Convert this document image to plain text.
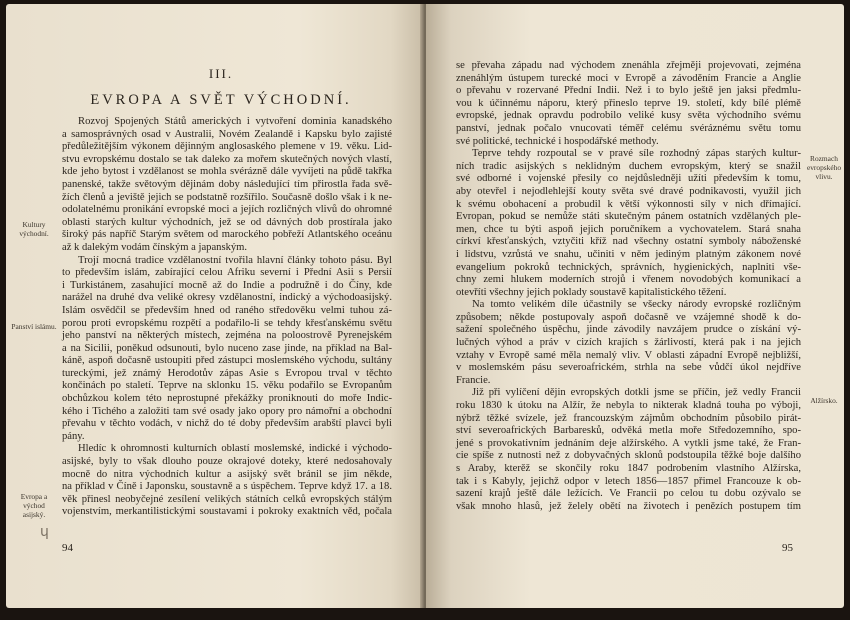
III.
EVROPA A SVĚT VÝCHODNÍ.
Rozvoj Spojených Států amerických i vytvoření dominia kanadského
a samosprávných osad v Australii, Novém Zealandě i Kapsku bylo zajisté
předůležitějším výkonem dějinným anglosaského plemene v 19. věku. Lid-
stvu evropskému dostalo se tak daleko za mořem skutečných nových vlastí,
kde jeho bytost i vzdělanost se mohla svérázně dále vyvíjeti na půdě takřka
panenské, takže světovým dějinám doby následující tím přirostla řada svě-
žích členů a jeviště jejich se podstatně rozšířilo. Současně došlo však i k ne-
odolatelnému pronikání evropské moci a jejích rozličných vlivů do ohromné
oblasti starých kultur východních, jež se od dávných dob prostírala jako
široký pás napříč Starým světem od marockého pobřeží Atlantského oceánu
až k dalekým vodám čínským a japanským.
Trojí mocná tradice vzdělanostní tvořila hlavní články tohoto pásu. Byl
to především islám, zabírající celou Afriku severní i Přední Asii s Persií
i Turkistánem, zasahující mocně až do Indie a podružně i do Číny, kde
narážel na druhé dva veliké okresy vzdělanostní, indický a východoasijský.
Islám osvědčil se především hned od raného středověku velmi tuhou zá-
porou proti evropskému rozpětí a podařilo-li se tehdy křesťanskému světu
jeho panství na některých místech, zejména na poloostrově Pyrenejském
a na Sicilii, poněkud odsunouti, bylo nuceno zase jinde, na příklad na Bal-
káně, aspoň dočasně ustoupiti před zástupci moslemského východu, sultány
tureckými, jež známý Herodotův zápas Asie s Evropou trval v těchto
končinách po staletí. Teprve na sklonku 15. věku podařilo se Evropanům
obchůzkou kolem této neprostupné překážky proniknouti do moře Indic-
kého i Tichého a založiti tam své osady jako opory pro námořní a obchodní
převahu v těchto vodách, v nichž do té doby především arabští plavci byli
pány.
Hledíc k ohromnosti kulturních oblastí moslemské, indické i východo-
asijské, byly to však dlouho pouze okrajové doteky, které nedosahovaly
mocně do nitra východních kultur a asijský svět bránil se jim někde,
na příklad v Číně i Japonsku, soustavně a s úspěchem. Teprve když 17. a 18.
věk přinesl neobyčejné zesílení velikých státních celků evropských stálým
vojenstvím, merkantilistickými soustavami i pokroky exaktních věd, počala
Kultury východní.
Panství islámu.
Evropa a východ asijský.
ɥ
94
se převaha západu nad východem znenáhla zřejměji projevovati, zejména
znenáhlým ústupem turecké moci v Evropě a závoděním Francie a Anglie
o převahu v rozervané Přední Indii. Než i to bylo ještě jen jaksi předmlu-
vou k účinnému náporu, který přineslo teprve 19. století, kdy bílé plémě
evropské, jednak opravdu podrobilo veliké kusy světa východního svému
panství, jednak počalo vnucovati téměř celému svéráznému světu tomu
své politické, technické i hospodářské methody.
Teprve tehdy rozpoutal se v pravé síle rozhodný zápas starých kultur-
ních tradic asijských s neklidným duchem evropským, který se snažil
své odborné i vojenské přesily co nejdůsledněji užíti především k tomu,
aby otevřel i nejodlehlejší kouty světa své dravé podnikavosti, využil jich
k svému obohacení a probudil k větší výkonnosti síly v nich dřímající.
Evropan, pokud se nemůže státi skutečným pánem ostatních vzdělaných ple-
men, chce tu býti aspoň jejich poručníkem a vychovatelem. Stará snaha
církví křesťanských, vztyčiti kříž nad všechny ostatní symboly náboženské
i lidstvu, vzrůstá ve snahu, učiniti v něm jediným platným zákonem nové
evangelium pokroků technických, správních, hygienických, naplniti vše-
chny zemi hlukem moderních strojů i vřenem novodobých komunikací a
otevříti všechny jejich poklady soustavě kapitalistického těžení.
Na tomto velikém díle účastnily se všecky národy evropské rozličným
způsobem; někde postupovaly aspoň dočasně ve vzájemné shodě k do-
sažení společného úspěchu, jinde závodily navzájem prudce o získání vý-
lučných výhod a práv v cizích krajích s žárlivostí, která pak i na jejich
vztahy v Evropě samé měla nemalý vliv. V oblasti západní Evropě nejbližší,
v moslemském pásu severoafrickém, strhla na sebe vůdčí úkol nejdříve
Francie.
Již při vylíčení dějin evropských dotkli jsme se příčin, jež vedly Francii
roku 1830 k útoku na Alžír, že nebyla to nikterak kladná touha po výboji,
nýbrž těžké svízele, jež francouzským zájmům obchodním působilo pirát-
ství severoafrických Barbaresků, odvěká metla moře Středozemního, spo-
jené s provokativním jednáním deje alžírského. A vytkli jsme také, že Fran-
cie spíše z nutnosti než z dobyvačných sklonů podstoupila těžké boje dalšího
s Araby, kterěž se skončily roku 1847 podrobením vlastního Alžírska,
tak i s Kabyly, jejichž odpor v letech 1856—1857 přimel Francouze k ob-
sazení krajů ještě dále ležících. Ve Francii po celou tu dobu ozývalo se
však mnoho hlasů, jež želely obětí na životech i penězích postupem tím
Rozmach evropského vlivu.
Alžírsko.
95
